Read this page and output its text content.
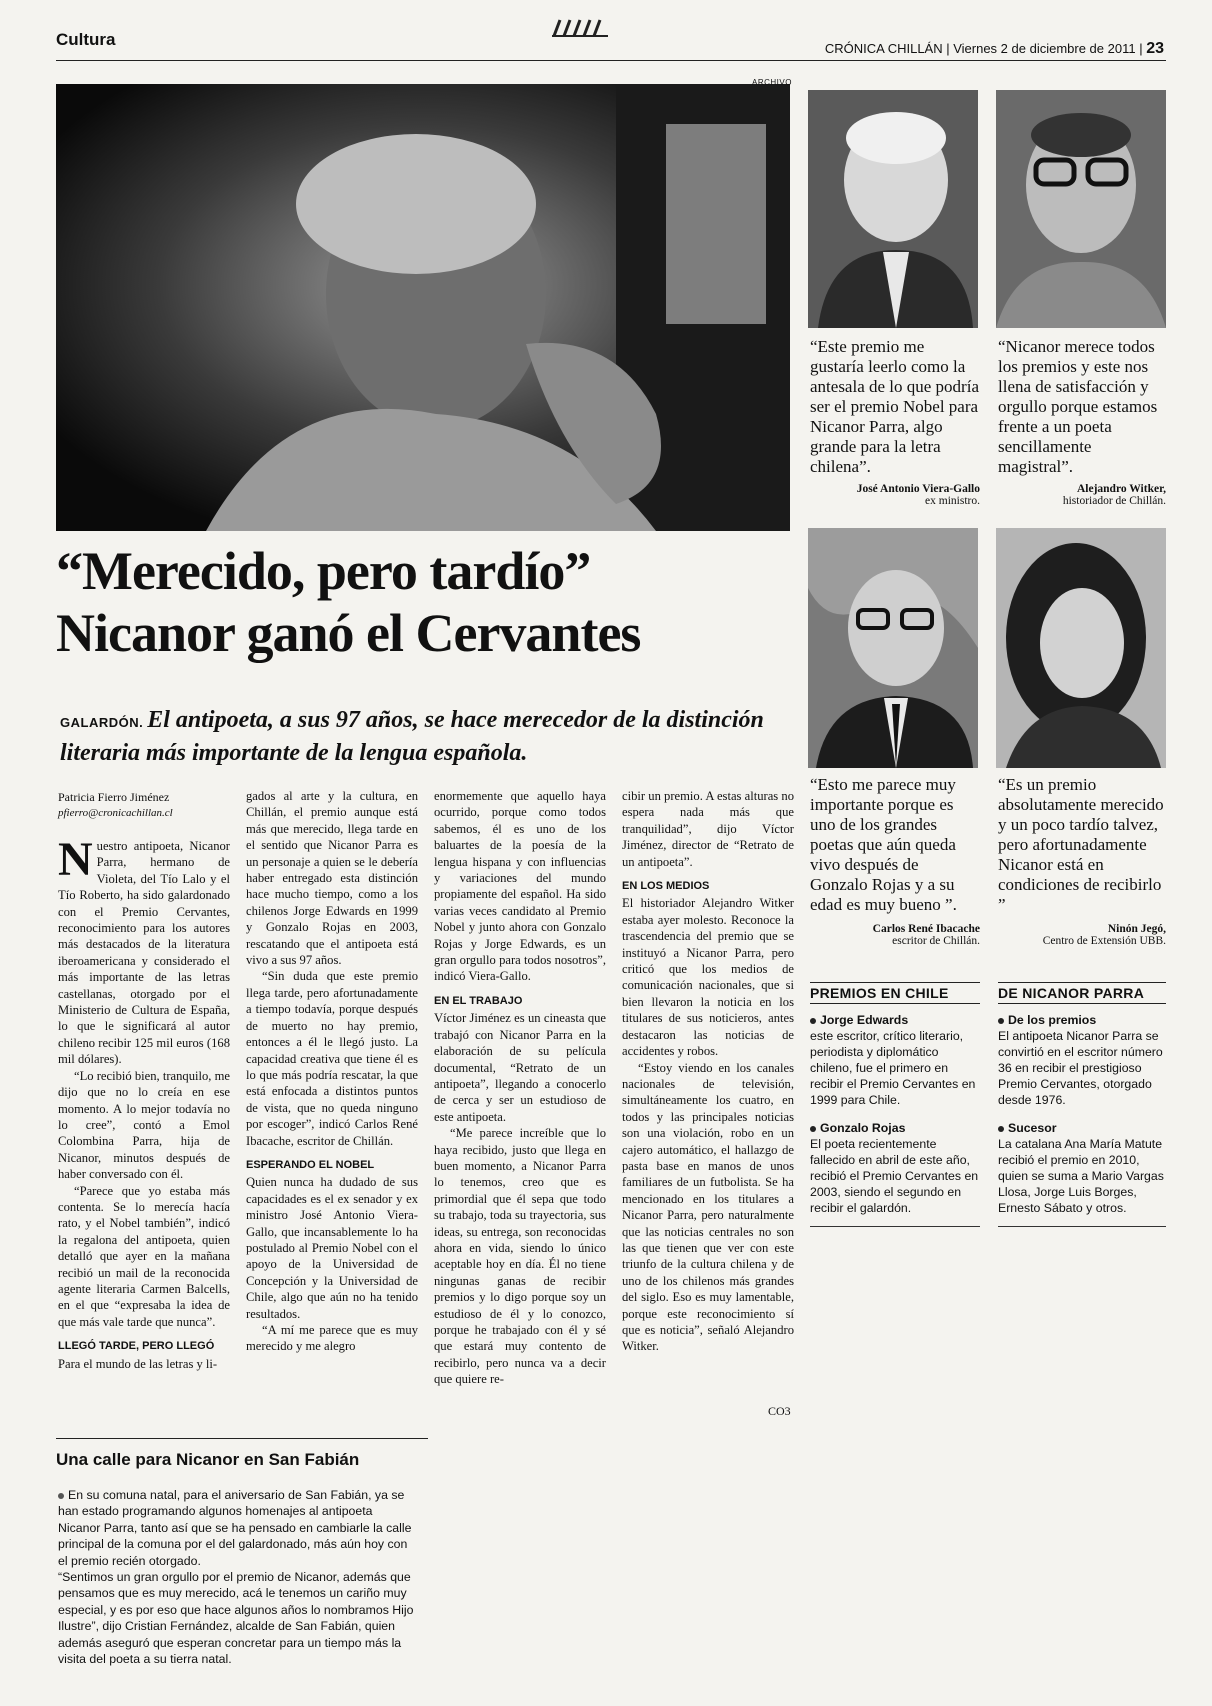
Cultura	CRÓNICA CHILLÁN | Viernes 2 de diciembre de 2011 | 23
ARCHIVO
“Este premio me gustaría leerlo como la antesala de lo que podría ser el premio Nobel para Nicanor Parra, algo grande para la letra chilena”.
José Antonio Viera-Gallo
ex ministro.
“Nicanor merece todos los premios y este nos llena de satisfacción y orgullo porque estamos frente a un poeta sencillamente magistral”.
Alejandro Witker,
historiador de Chillán.
“Esto me parece muy importante porque es uno de los grandes poetas que aún queda vivo después de Gonzalo Rojas y a su edad es muy bueno ”.
Carlos René Ibacache
escritor de Chillán.
“Es un premio absolutamente merecido y un poco tardío talvez, pero afortunadamente Nicanor está en condiciones de recibirlo ”
Ninón Jegó,
Centro de Extensión UBB.
“Merecido, pero tardío”
Nicanor ganó el Cervantes
GALARDÓN. El antipoeta, a sus 97 años, se hace merecedor de la distinción literaria más importante de la lengua española.
Patricia Fierro Jiménez
pfierro@cronicachillan.cl

Nuestro antipoeta, Nicanor Parra, hermano de Violeta, del Tío Lalo y el Tío Roberto, ha sido galardonado con el Premio Cervantes, reconocimiento para los autores más destacados de la literatura iberoamericana y considerado el más importante de las letras castellanas, otorgado por el Ministerio de Cultura de España, lo que le significará al autor chileno recibir 125 mil euros (168 mil dólares).

“Lo recibió bien, tranquilo, me dijo que no lo creía en ese momento. A lo mejor todavía no lo cree”, contó a Emol Colombina Parra, hija de Nicanor, minutos después de haber conversado con él.

“Parece que yo estaba más contenta. Se lo merecía hacía rato, y el Nobel también”, indicó la regalona del antipoeta, quien detalló que ayer en la mañana recibió un mail de la reconocida agente literaria Carmen Balcells, en el que “expresaba la idea de que más vale tarde que nunca”.

LLEGÓ TARDE, PERO LLEGÓ

Para el mundo de las letras y li-

gados al arte y la cultura, en Chillán, el premio aunque está más que merecido, llega tarde en el sentido que Nicanor Parra es un personaje a quien se le debería haber entregado esta distinción hace mucho tiempo, como a los chilenos Jorge Edwards en 1999 y Gonzalo Rojas en 2003, rescatando que el antipoeta está vivo a sus 97 años.

“Sin duda que este premio llega tarde, pero afortunadamente a tiempo todavía, porque después de muerto no hay premio, entonces a él le llegó justo. La capacidad creativa que tiene él es lo que más podría rescatar, la que está enfocada a distintos puntos de vista, que no queda ninguno por escoger”, indicó Carlos René Ibacache, escritor de Chillán.

ESPERANDO EL NOBEL

Quien nunca ha dudado de sus capacidades es el ex senador y ex ministro José Antonio Viera-Gallo, que incansablemente lo ha postulado al Premio Nobel con el apoyo de la Universidad de Concepción y la Universidad de Chile, algo que aún no ha tenido resultados.

“A mí me parece que es muy merecido y me alegro

enormemente que aquello haya ocurrido, porque como todos sabemos, él es uno de los baluartes de la poesía de la lengua hispana y con influencias y variaciones del mundo propiamente del español. Ha sido varias veces candidato al Premio Nobel y junto ahora con Gonzalo Rojas y Jorge Edwards, es un gran orgullo para todos nosotros”, indicó Viera-Gallo.

EN EL TRABAJO

Víctor Jiménez es un cineasta que trabajó con Nicanor Parra en la elaboración de su película documental, “Retrato de un antipoeta”, llegando a conocerlo de cerca y ser un estudioso de este antipoeta.

“Me parece increíble que lo haya recibido, justo que llega en buen momento, a Nicanor Parra lo tenemos, creo que es primordial que él sepa que todo su trabajo, toda su trayectoria, sus ideas, su entrega, son reconocidas ahora en vida, siendo lo único aceptable hoy en día. Él no tiene ningunas ganas de recibir premios y lo digo porque soy un estudioso de él y lo conozco, porque he trabajado con él y sé que estará muy contento de recibirlo, pero nunca va a decir que quiere re-

cibir un premio. A estas alturas no espera nada más que tranquilidad”, dijo Víctor Jiménez, director de “Retrato de un antipoeta”.

EN LOS MEDIOS

El historiador Alejandro Witker estaba ayer molesto. Reconoce la trascendencia del premio que se instituyó a Nicanor Parra, pero criticó que los medios de comunicación nacionales, que si bien llevaron la noticia en los titulares de sus noticieros, antes destacaron las noticias de accidentes y robos.

“Estoy viendo en los canales nacionales de televisión, simultáneamente los cuatro, en todos y las principales noticias son una violación, robo en un cajero automático, el hallazgo de pasta base en manos de unos familiares de un futbolista. Se ha mencionado en los titulares a Nicanor Parra, pero naturalmente que las noticias centrales no son las que tienen que ver con este triunfo de la cultura chilena y de uno de los chilenos más grandes del siglo. Eso es muy lamentable, porque este reconocimiento sí que es noticia”, señaló Alejandro Witker.

CO3
PREMIOS EN CHILE
Jorge Edwards
este escritor, crítico literario, periodista y diplomático chileno, fue el primero en recibir el Premio Cervantes en 1999 para Chile.
Gonzalo Rojas
El poeta recientemente fallecido en abril de este año, recibió el Premio Cervantes en 2003, siendo el segundo en recibir el galardón.
DE NICANOR PARRA
De los premios
El antipoeta Nicanor Parra se convirtió en el escritor número 36 en recibir el prestigioso Premio Cervantes, otorgado desde 1976.
Sucesor
La catalana Ana María Matute recibió el premio en 2010, quien se suma a Mario Vargas Llosa, Jorge Luis Borges, Ernesto Sábato y otros.
Una calle para Nicanor en San Fabián

En su comuna natal, para el aniversario de San Fabián, ya se han estado programando algunos homenajes al antipoeta Nicanor Parra, tanto así que se ha pensado en cambiarle la calle principal de la comuna por el del galardonado, más aún hoy con el premio recién otorgado.

“Sentimos un gran orgullo por el premio de Nicanor, además que pensamos que es muy merecido, acá le tenemos un cariño muy especial, y es por eso que hace algunos años lo nombramos Hijo Ilustre”, dijo Cristian Fernández, alcalde de San Fabián, quien además aseguró que esperan concretar para un tiempo más la visita del poeta a su tierra natal.
